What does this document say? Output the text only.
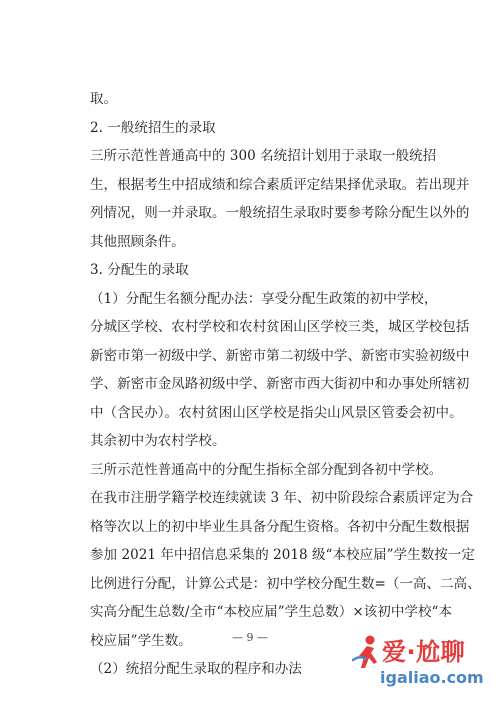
取。
2. 一般统招生的录取
三所示范性普通高中的 300 名统招计划用于录取一般统招
生，根据考生中招成绩和综合素质评定结果择优录取。若出现并
列情况，则一并录取。一般统招生录取时要参考除分配生以外的
其他照顾条件。
3. 分配生的录取
（1）分配生名额分配办法：享受分配生政策的初中学校，
分城区学校、农村学校和农村贫困山区学校三类，城区学校包括
新密市第一初级中学、新密市第二初级中学、新密市实验初级中
学、新密市金凤路初级中学、新密市西大街初中和办事处所辖初
中（含民办）。农村贫困山区学校是指尖山风景区管委会初中。
其余初中为农村学校。
三所示范性普通高中的分配生指标全部分配到各初中学校。
在我市注册学籍学校连续就读 3 年、初中阶段综合素质评定为合
格等次以上的初中毕业生具备分配生资格。各初中分配生数根据
参加 2021 年中招信息采集的 2018 级“本校应届”学生数按一定
比例进行分配，计算公式是：初中学校分配生数=（一高、二高、
实高分配生总数/全市“本校应届”学生总数）×该初中学校“本
校应届”学生数。
（2）统招分配生录取的程序和办法
— 9 —
爱·尬聊
igaliao.com
